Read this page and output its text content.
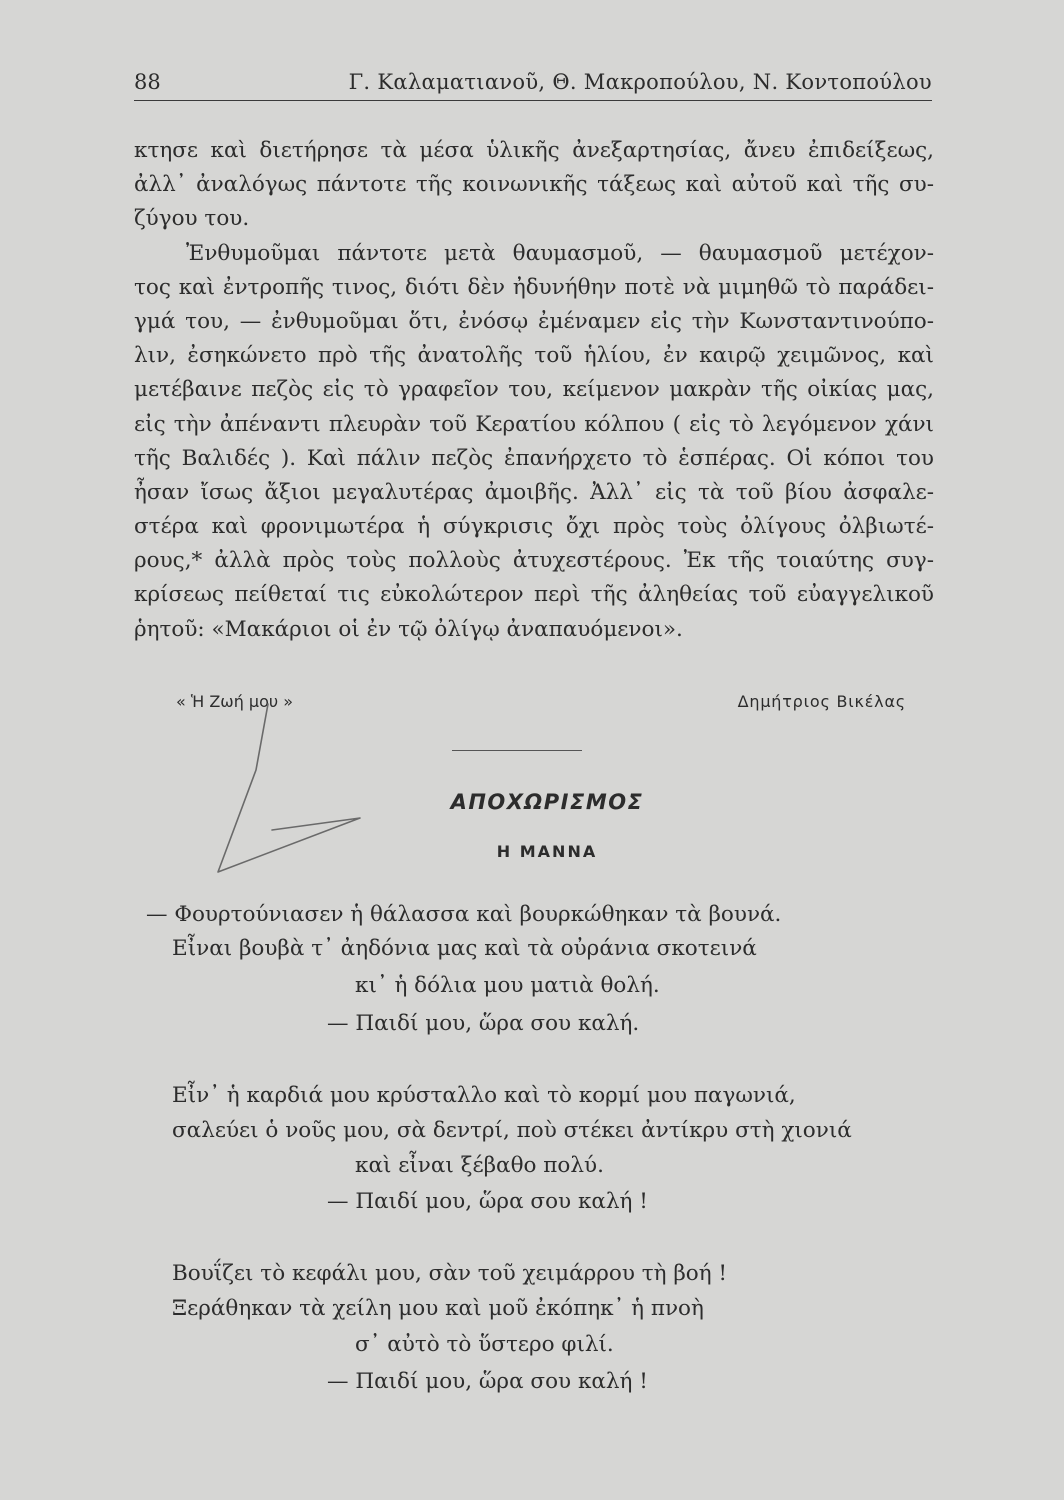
88	Γ. Καλαματιανοῦ, Θ. Μακροπούλου, Ν. Κοντοπούλου
κτησε καὶ διετήρησε τὰ μέσα ὑλικῆς ἀνεξαρτησίας, ἄνευ ἐπιδείξεως,
ἀλλ᾽ ἀναλόγως πάντοτε τῆς κοινωνικῆς τάξεως καὶ αὐτοῦ καὶ τῆς συ-
ζύγου του.
Ἐνθυμοῦμαι πάντοτε μετὰ θαυμασμοῦ, — θαυμασμοῦ μετέχον-
τος καὶ ἐντροπῆς τινος, διότι δὲν ἠδυνήθην ποτὲ νὰ μιμηθῶ τὸ παράδει-
γμά του, — ἐνθυμοῦμαι ὅτι, ἐνόσῳ ἐμέναμεν εἰς τὴν Κωνσταντινούπο-
λιν, ἐσηκώνετο πρὸ τῆς ἀνατολῆς τοῦ ἡλίου, ἐν καιρῷ χειμῶνος, καὶ
μετέβαινε πεζὸς εἰς τὸ γραφεῖον του, κείμενον μακρὰν τῆς οἰκίας μας,
εἰς τὴν ἀπέναντι πλευρὰν τοῦ Κερατίου κόλπου ( εἰς τὸ λεγόμενον χάνι
τῆς Βαλιδές ). Καὶ πάλιν πεζὸς ἐπανήρχετο τὸ ἑσπέρας. Οἱ κόποι του
ἦσαν ἴσως ἄξιοι μεγαλυτέρας ἀμοιβῆς. Ἀλλ᾽ εἰς τὰ τοῦ βίου ἀσφαλε-
στέρα καὶ φρονιμωτέρα ἡ σύγκρισις ὄχι πρὸς τοὺς ὀλίγους ὀλβιωτέ-
ρους,* ἀλλὰ πρὸς τοὺς πολλοὺς ἀτυχεστέρους. Ἐκ τῆς τοιαύτης συγ-
κρίσεως πείθεταί τις εὐκολώτερον περὶ τῆς ἀληθείας τοῦ εὐαγγελικοῦ
ῥητοῦ: «Μακάριοι οἱ ἐν τῷ ὀλίγῳ ἀναπαυόμενοι».
« Ἡ Ζωή μου »	Δημήτριος Βικέλας
ΑΠΟΧΩΡΙΣΜΟΣ
Η ΜΑΝΝΑ
— Φουρτούνιασεν ἡ θάλασσα καὶ βουρκώθηκαν τὰ βουνά.
Εἶναι βουβὰ τ᾽ ἀηδόνια μας καὶ τὰ οὐράνια σκοτεινά
κι᾽ ἡ δόλια μου ματιὰ θολή.
— Παιδί μου, ὥρα σου καλή.
Εἶν᾽ ἡ καρδιά μου κρύσταλλο καὶ τὸ κορμί μου παγωνιά,
σαλεύει ὁ νοῦς μου, σὰ δεντρί, ποὺ στέκει ἀντίκρυ στὴ χιονιά
καὶ εἶναι ξέβαθο πολύ.
— Παιδί μου, ὥρα σου καλή !
Βουΐζει τὸ κεφάλι μου, σὰν τοῦ χειμάρρου τὴ βοή !
Ξεράθηκαν τὰ χείλη μου καὶ μοῦ ἐκόπηκ᾽ ἡ πνοὴ
σ᾽ αὐτὸ τὸ ὕστερο φιλί.
— Παιδί μου, ὥρα σου καλή !
